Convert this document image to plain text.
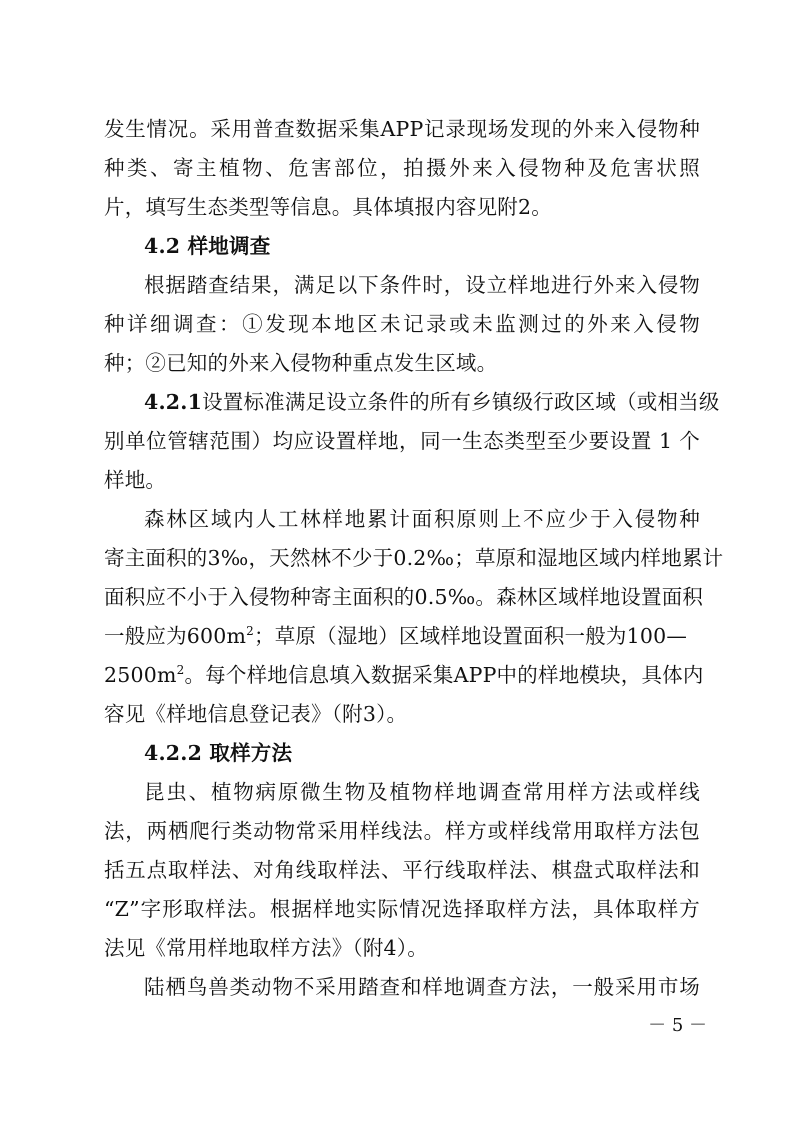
发生情况。采用普查数据采集APP记录现场发现的外来入侵物种
种类、寄主植物、危害部位，拍摄外来入侵物种及危害状照
片，填写生态类型等信息。具体填报内容见附2。
4.2 样地调查
根据踏查结果，满足以下条件时，设立样地进行外来入侵物
种详细调查：①发现本地区未记录或未监测过的外来入侵物
种；②已知的外来入侵物种重点发生区域。
4.2.1设置标准满足设立条件的所有乡镇级行政区域（或相当级
别单位管辖范围）均应设置样地，同一生态类型至少要设置 1 个
样地。
森林区域内人工林样地累计面积原则上不应少于入侵物种
寄主面积的3‰，天然林不少于0.2‰；草原和湿地区域内样地累计
面积应不小于入侵物种寄主面积的0.5‰。森林区域样地设置面积
一般应为$600m^2$；草原（湿地）区域样地设置面积一般为100—
$2500m^2$。每个样地信息填入数据采集APP中的样地模块，具体内
容见《样地信息登记表》（附3）。
4.2.2 取样方法
昆虫、植物病原微生物及植物样地调查常用样方法或样线
法，两栖爬行类动物常采用样线法。样方或样线常用取样方法包
括五点取样法、对角线取样法、平行线取样法、棋盘式取样法和
“Z”字形取样法。根据样地实际情况选择取样方法，具体取样方
法见《常用样地取样方法》（附4）。
陆栖鸟兽类动物不采用踏查和样地调查方法，一般采用市场
－ 5 －
